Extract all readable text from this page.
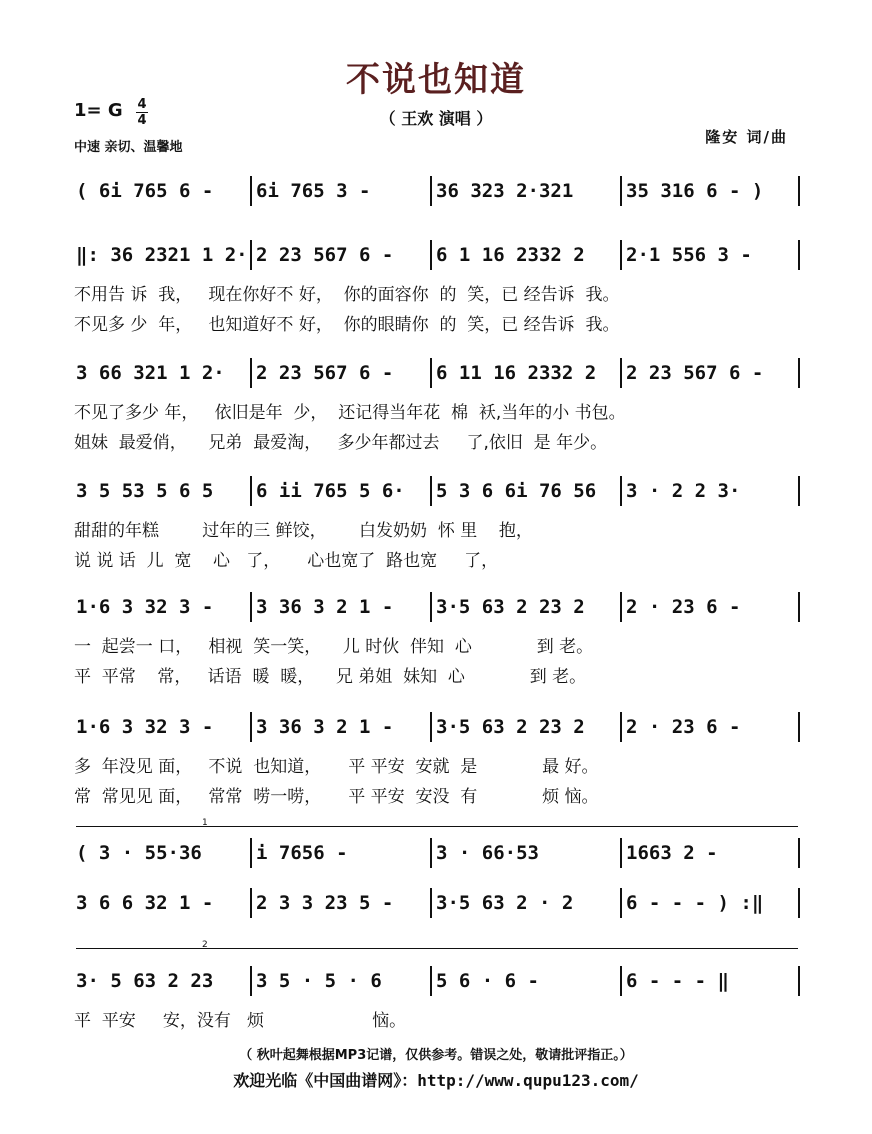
不说也知道
（ 王欢 演唱 ）
1= G 4
4
中速 亲切、温馨地
隆安 词/曲
( 6i 765 6 - 6i 765 3 -	36 323 2·321	35 316 6 - )
‖: 36 2321 1 2· 2 23 567 6 - 6 1 16 2332 2 2·1 556 3 -
不用告 诉  我，   现在你好不 好，  你的面容你  的  笑，已 经告诉  我。
不见多 少  年，   也知道好不 好，  你的眼睛你  的  笑，已 经告诉  我。
3 66 321 1 2· 2 23 567 6 - 6 11 16 2332 2 2 23 567 6 -
不见了多少 年，   依旧是年  少，  还记得当年花  棉  袄,当年的小 书包。
姐妹  最爱俏，    兄弟  最爱淘，   多少年都过去     了,依旧  是 年少。
3 5 53 5 6 5 6 ii 765 5 6· 5 3 6 6i 76 56 3 · 2 2 3·
甜甜的年糕        过年的三 鲜饺，      白发奶奶  怀 里    抱，
说 说 话  儿  宽    心   了，     心也宽了  路也宽     了，
1·6 3 32 3 - 3 36 3 2 1 - 3·5 63 2 23 2 2 · 23 6 -
一  起尝一 口，   相视  笑一笑，    儿 时伙  伴知  心            到 老。
平  平常    常，   话语  暖  暖，    兄 弟姐  妹知  心            到 老。
1·6 3 32 3 - 3 36 3 2 1 - 3·5 63 2 23 2 2 · 23 6 -
多  年没见 面，   不说  也知道，     平 平安  安就  是            最 好。
常  常见见 面，   常常  唠一唠，     平 平安  安没  有            烦 恼。
( 3 · 55·36	i 7656 -	3 · 66·53	1663 2 -
3 6 6 32 1 - 2 3 3 23 5 - 3·5 63 2 · 2	6 - - - ) :‖
3· 5 63 2 23 3 5 · 5 · 6	5 6 · 6 -	6 - - - ‖
平  平安     安，没有   烦                    恼。
1
2
（ 秋叶起舞根据MP3记谱，仅供参考。错误之处，敬请批评指正。）
欢迎光临《中国曲谱网》：http://www.qupu123.com/
